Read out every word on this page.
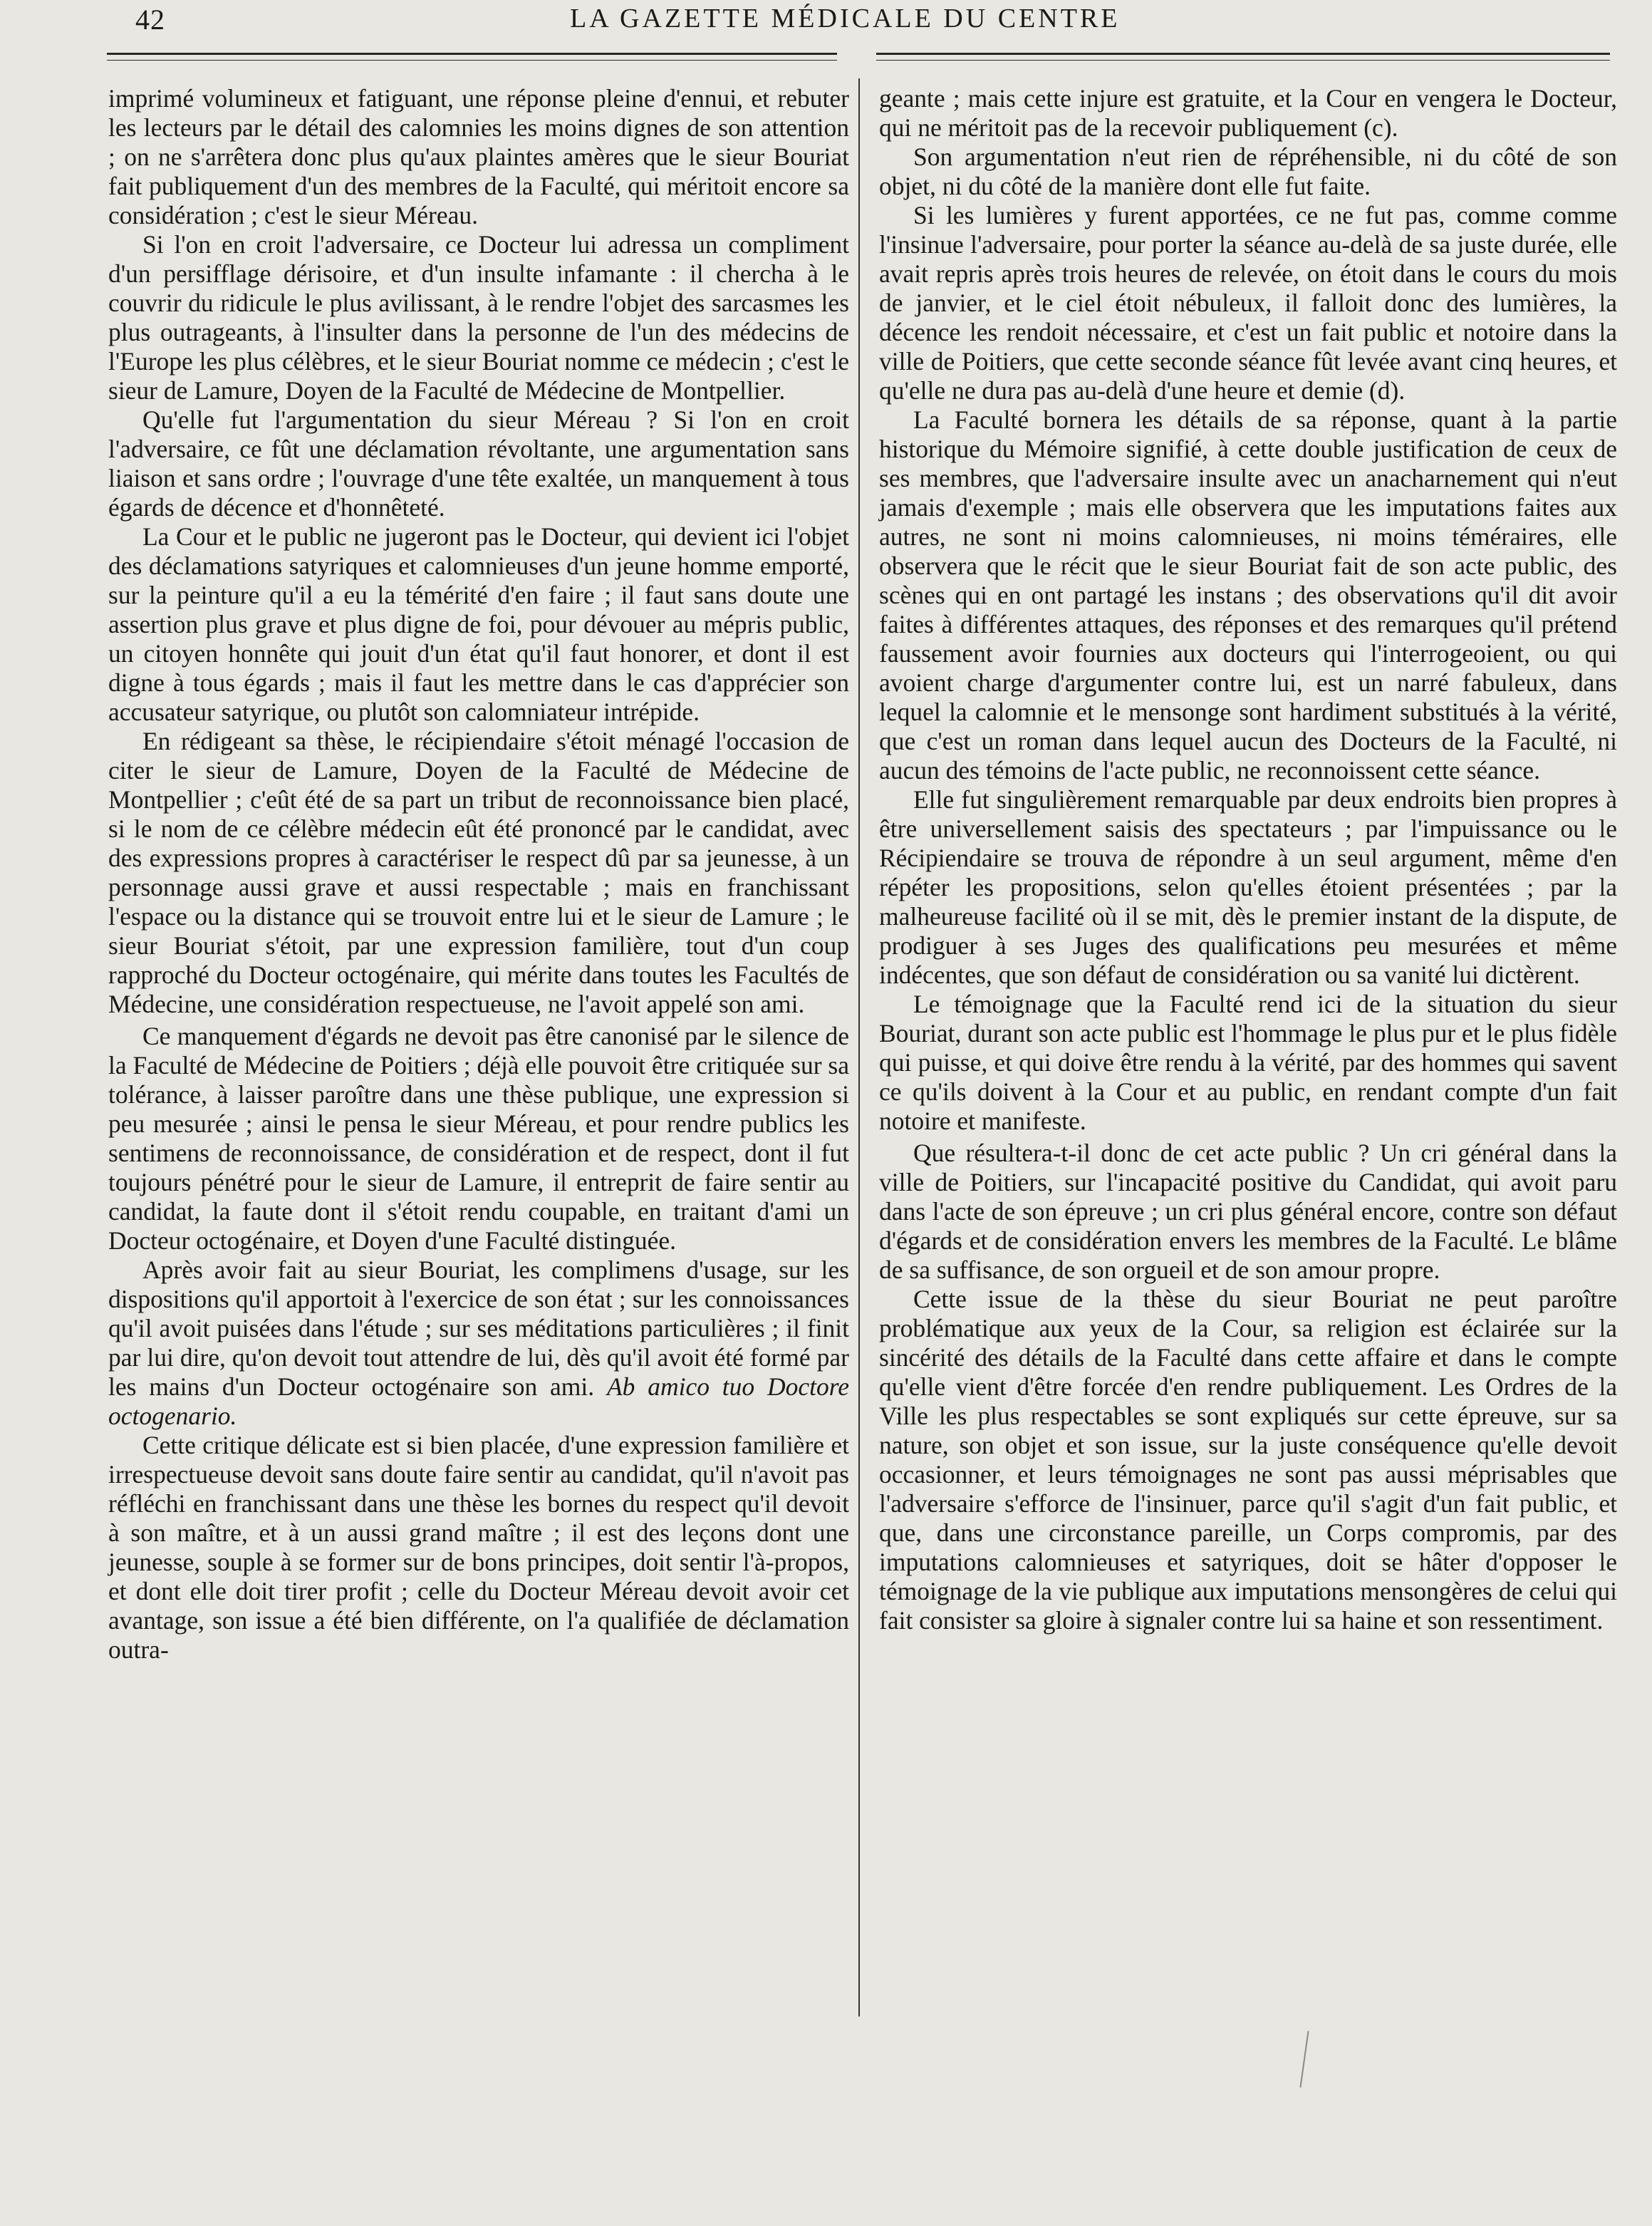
42	LA GAZETTE MÉDICALE DU CENTRE

imprimé volumineux et fatiguant, une réponse pleine d'ennui, et rebuter les lecteurs par le détail des calomnies les moins dignes de son attention ; on ne s'arrêtera donc plus qu'aux plaintes amères que le sieur Bouriat fait publiquement d'un des membres de la Faculté, qui méritoit encore sa considération ; c'est le sieur Méreau.

Si l'on en croit l'adversaire, ce Docteur lui adressa un compliment d'un persifflage dérisoire, et d'un insulte infamante : il chercha à le couvrir du ridicule le plus avilissant, à le rendre l'objet des sarcasmes les plus outrageants, à l'insulter dans la personne de l'un des médecins de l'Europe les plus célèbres, et le sieur Bouriat nomme ce médecin ; c'est le sieur de Lamure, Doyen de la Faculté de Médecine de Montpellier.

Qu'elle fut l'argumentation du sieur Méreau ? Si l'on en croit l'adversaire, ce fût une déclamation révoltante, une argumentation sans liaison et sans ordre ; l'ouvrage d'une tête exaltée, un manquement à tous égards de décence et d'honnêteté.

La Cour et le public ne jugeront pas le Docteur, qui devient ici l'objet des déclamations satyriques et calomnieuses d'un jeune homme emporté, sur la peinture qu'il a eu la témérité d'en faire ; il faut sans doute une assertion plus grave et plus digne de foi, pour dévouer au mépris public, un citoyen honnête qui jouit d'un état qu'il faut honorer, et dont il est digne à tous égards ; mais il faut les mettre dans le cas d'apprécier son accusateur satyrique, ou plutôt son calomniateur intrépide.

En rédigeant sa thèse, le récipiendaire s'étoit ménagé l'occasion de citer le sieur de Lamure, Doyen de la Faculté de Médecine de Montpellier ; c'eût été de sa part un tribut de reconnoissance bien placé, si le nom de ce célèbre médecin eût été prononcé par le candidat, avec des expressions propres à caractériser le respect dû par sa jeunesse, à un personnage aussi grave et aussi respectable ; mais en franchissant l'espace ou la distance qui se trouvoit entre lui et le sieur de Lamure ; le sieur Bouriat s'étoit, par une expression familière, tout d'un coup rapproché du Docteur octogénaire, qui mérite dans toutes les Facultés de Médecine, une considération respectueuse, ne l'avoit appelé son ami.

Ce manquement d'égards ne devoit pas être canonisé par le silence de la Faculté de Médecine de Poitiers ; déjà elle pouvoit être critiquée sur sa tolérance, à laisser paroître dans une thèse publique, une expression si peu mesurée ; ainsi le pensa le sieur Méreau, et pour rendre publics les sentimens de reconnoissance, de considération et de respect, dont il fut toujours pénétré pour le sieur de Lamure, il entreprit de faire sentir au candidat, la faute dont il s'étoit rendu coupable, en traitant d'ami un Docteur octogénaire, et Doyen d'une Faculté distinguée.

Après avoir fait au sieur Bouriat, les complimens d'usage, sur les dispositions qu'il apportoit à l'exercice de son état ; sur les connoissances qu'il avoit puisées dans l'étude ; sur ses méditations particulières ; il finit par lui dire, qu'on devoit tout attendre de lui, dès qu'il avoit été formé par les mains d'un Docteur octogénaire son ami. Ab amico tuo Doctore octogenario.

Cette critique délicate est si bien placée, d'une expression familière et irrespectueuse devoit sans doute faire sentir au candidat, qu'il n'avoit pas réfléchi en franchissant dans une thèse les bornes du respect qu'il devoit à son maître, et à un aussi grand maître ; il est des leçons dont une jeunesse, souple à se former sur de bons principes, doit sentir l'à-propos, et dont elle doit tirer profit ; celle du Docteur Méreau devoit avoir cet avantage, son issue a été bien différente, on l'a qualifiée de déclamation outra-

geante ; mais cette injure est gratuite, et la Cour en vengera le Docteur, qui ne méritoit pas de la recevoir publiquement (c).

Son argumentation n'eut rien de répréhensible, ni du côté de son objet, ni du côté de la manière dont elle fut faite.

Si les lumières y furent apportées, ce ne fut pas, comme comme l'insinue l'adversaire, pour porter la séance au-delà de sa juste durée, elle avait repris après trois heures de relevée, on étoit dans le cours du mois de janvier, et le ciel étoit nébuleux, il falloit donc des lumières, la décence les rendoit nécessaire, et c'est un fait public et notoire dans la ville de Poitiers, que cette seconde séance fût levée avant cinq heures, et qu'elle ne dura pas au-delà d'une heure et demie (d).

La Faculté bornera les détails de sa réponse, quant à la partie historique du Mémoire signifié, à cette double justification de ceux de ses membres, que l'adversaire insulte avec un anacharnement qui n'eut jamais d'exemple ; mais elle observera que les imputations faites aux autres, ne sont ni moins calomnieuses, ni moins téméraires, elle observera que le récit que le sieur Bouriat fait de son acte public, des scènes qui en ont partagé les instans ; des observations qu'il dit avoir faites à différentes attaques, des réponses et des remarques qu'il prétend faussement avoir fournies aux docteurs qui l'interrogeoient, ou qui avoient charge d'argumenter contre lui, est un narré fabuleux, dans lequel la calomnie et le mensonge sont hardiment substitués à la vérité, que c'est un roman dans lequel aucun des Docteurs de la Faculté, ni aucun des témoins de l'acte public, ne reconnoissent cette séance.

Elle fut singulièrement remarquable par deux endroits bien propres à être universellement saisis des spectateurs ; par l'impuissance ou le Récipiendaire se trouva de répondre à un seul argument, même d'en répéter les propositions, selon qu'elles étoient présentées ; par la malheureuse facilité où il se mit, dès le premier instant de la dispute, de prodiguer à ses Juges des qualifications peu mesurées et même indécentes, que son défaut de considération ou sa vanité lui dictèrent.

Le témoignage que la Faculté rend ici de la situation du sieur Bouriat, durant son acte public est l'hommage le plus pur et le plus fidèle qui puisse, et qui doive être rendu à la vérité, par des hommes qui savent ce qu'ils doivent à la Cour et au public, en rendant compte d'un fait notoire et manifeste.

Que résultera-t-il donc de cet acte public ? Un cri général dans la ville de Poitiers, sur l'incapacité positive du Candidat, qui avoit paru dans l'acte de son épreuve ; un cri plus général encore, contre son défaut d'égards et de considération envers les membres de la Faculté. Le blâme de sa suffisance, de son orgueil et de son amour propre.

Cette issue de la thèse du sieur Bouriat ne peut paroître problématique aux yeux de la Cour, sa religion est éclairée sur la sincérité des détails de la Faculté dans cette affaire et dans le compte qu'elle vient d'être forcée d'en rendre publiquement. Les Ordres de la Ville les plus respectables se sont expliqués sur cette épreuve, sur sa nature, son objet et son issue, sur la juste conséquence qu'elle devoit occasionner, et leurs témoignages ne sont pas aussi méprisables que l'adversaire s'efforce de l'insinuer, parce qu'il s'agit d'un fait public, et que, dans une circonstance pareille, un Corps compromis, par des imputations calomnieuses et satyriques, doit se hâter d'opposer le témoignage de la vie publique aux imputations mensongères de celui qui fait consister sa gloire à signaler contre lui sa haine et son ressentiment.
